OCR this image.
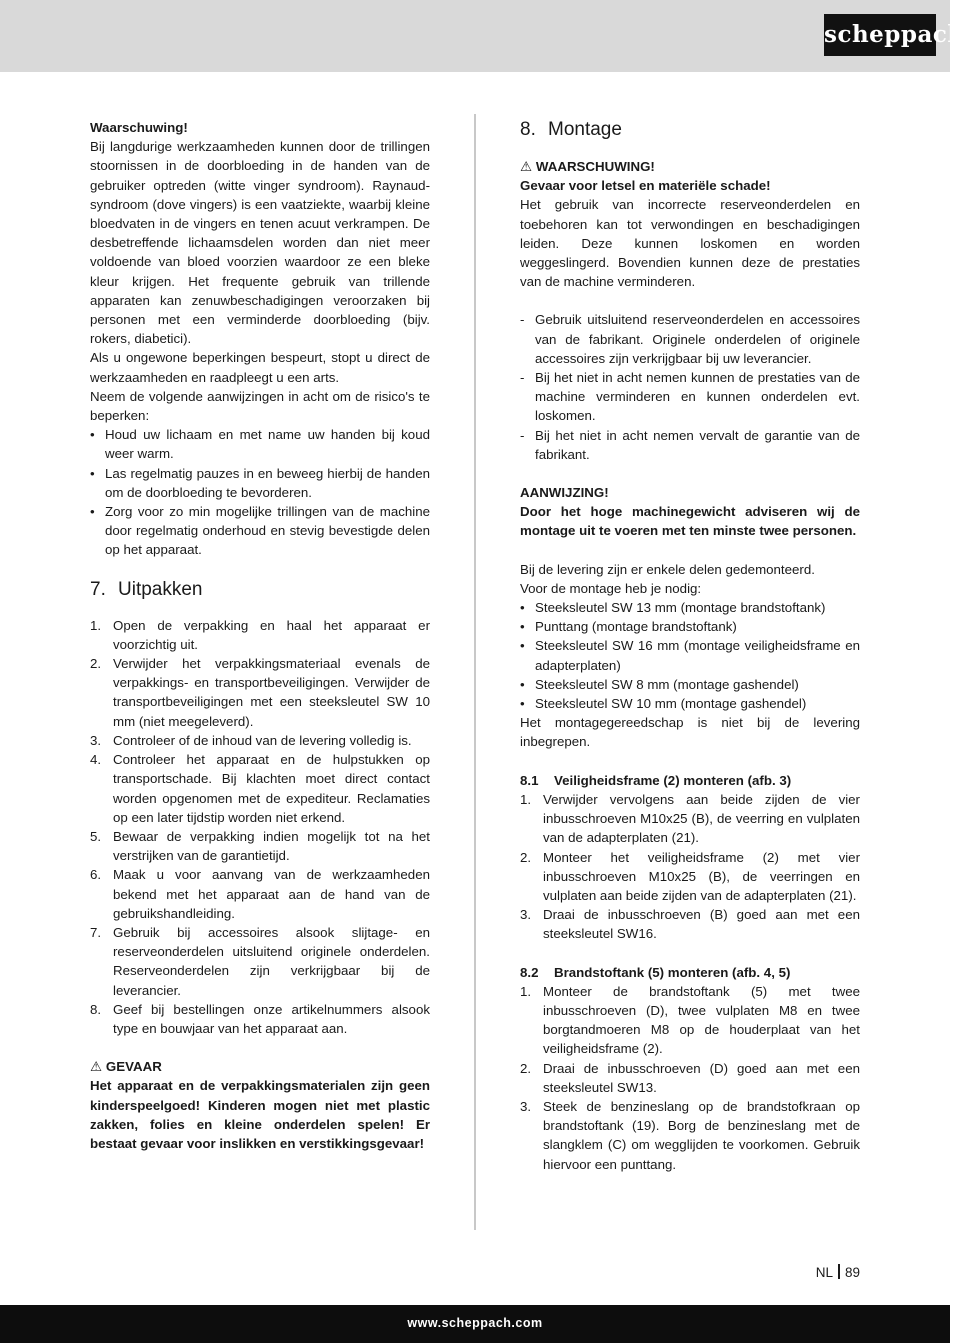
scheppach

Waarschuwing!

Bij langdurige werkzaamheden kunnen door de trillingen stoornissen in de doorbloeding in de handen van de gebruiker optreden (witte vinger syndroom). Raynaud-syndroom (dove vingers) is een vaatziekte, waarbij kleine bloedvaten in de vingers en tenen acuut verkrampen. De desbetreffende lichaamsdelen worden dan niet meer voldoende van bloed voorzien waardoor ze een bleke kleur krijgen. Het frequente gebruik van trillende apparaten kan zenuwbeschadigingen veroorzaken bij personen met een verminderde doorbloeding (bijv. rokers, diabetici).

Als u ongewone beperkingen bespeurt, stopt u direct de werkzaamheden en raadpleegt u een arts.

Neem de volgende aanwijzingen in acht om de risico's te beperken:

• Houd uw lichaam en met name uw handen bij koud weer warm.
• Las regelmatig pauzes in en beweeg hierbij de handen om de doorbloeding te bevorderen.
• Zorg voor zo min mogelijke trillingen van de machine door regelmatig onderhoud en stevig bevestigde delen op het apparaat.
7. Uitpakken
1. Open de verpakking en haal het apparaat er voorzichtig uit.
2. Verwijder het verpakkingsmateriaal evenals de verpakkings- en transportbeveiligingen. Verwijder de transportbeveiligingen met een steeksleutel SW 10 mm (niet meegeleverd).
3. Controleer of de inhoud van de levering volledig is.
4. Controleer het apparaat en de hulpstukken op transportschade. Bij klachten moet direct contact worden opgenomen met de expediteur. Reclamaties op een later tijdstip worden niet erkend.
5. Bewaar de verpakking indien mogelijk tot na het verstrijken van de garantietijd.
6. Maak u voor aanvang van de werkzaamheden bekend met het apparaat aan de hand van de gebruikshandleiding.
7. Gebruik bij accessoires alsook slijtage- en reserveonderdelen uitsluitend originele onderdelen. Reserveonderdelen zijn verkrijgbaar bij de leverancier.
8. Geef bij bestellingen onze artikelnummers alsook type en bouwjaar van het apparaat aan.

⚠ GEVAAR

Het apparaat en de verpakkingsmaterialen zijn geen kinderspeelgoed! Kinderen mogen niet met plastic zakken, folies en kleine onderdelen spelen! Er bestaat gevaar voor inslikken en verstikkingsgevaar!

8. Montage

⚠ WAARSCHUWING!

Gevaar voor letsel en materiële schade!

Het gebruik van incorrecte reserveonderdelen en toebehoren kan tot verwondingen en beschadigingen leiden. Deze kunnen loskomen en worden weggeslingerd. Bovendien kunnen deze de prestaties van de machine verminderen.

- Gebruik uitsluitend reserveonderdelen en accessoires van de fabrikant. Originele onderdelen of originele accessoires zijn verkrijgbaar bij uw leverancier.
- Bij het niet in acht nemen kunnen de prestaties van de machine verminderen en kunnen onderdelen evt. loskomen.
- Bij het niet in acht nemen vervalt de garantie van de fabrikant.

AANWIJZING!

Door het hoge machinegewicht adviseren wij de montage uit te voeren met ten minste twee personen.

Bij de levering zijn er enkele delen gedemonteerd.

Voor de montage heb je nodig:

• Steeksleutel SW 13 mm (montage brandstoftank)
• Punttang (montage brandstoftank)
• Steeksleutel SW 16 mm (montage veiligheidsframe en adapterplaten)
• Steeksleutel SW 8 mm (montage gashendel)
• Steeksleutel SW 10 mm (montage gashendel)

Het montagegereedschap is niet bij de levering inbegrepen.

8.1 Veiligheidsframe (2) monteren (afb. 3)

1. Verwijder vervolgens aan beide zijden de vier inbusschroeven M10x25 (B), de veerring en vulplaten van de adapterplaten (21).
2. Monteer het veiligheidsframe (2) met vier inbusschroeven M10x25 (B), de veerringen en vulplaten aan beide zijden van de adapterplaten (21).
3. Draai de inbusschroeven (B) goed aan met een steeksleutel SW16.

8.2 Brandstoftank (5) monteren (afb. 4, 5)

1. Monteer de brandstoftank (5) met twee inbusschroeven (D), twee vulplaten M8 en twee borgtandmoeren M8 op de houderplaat van het veiligheidsframe (2).
2. Draai de inbusschroeven (D) goed aan met een steeksleutel SW13.
3. Steek de benzineslang op de brandstofkraan op brandstoftank (19). Borg de benzineslang met de slangklem (C) om wegglijden te voorkomen. Gebruik hiervoor een punttang.
NL 89
www.scheppach.com
